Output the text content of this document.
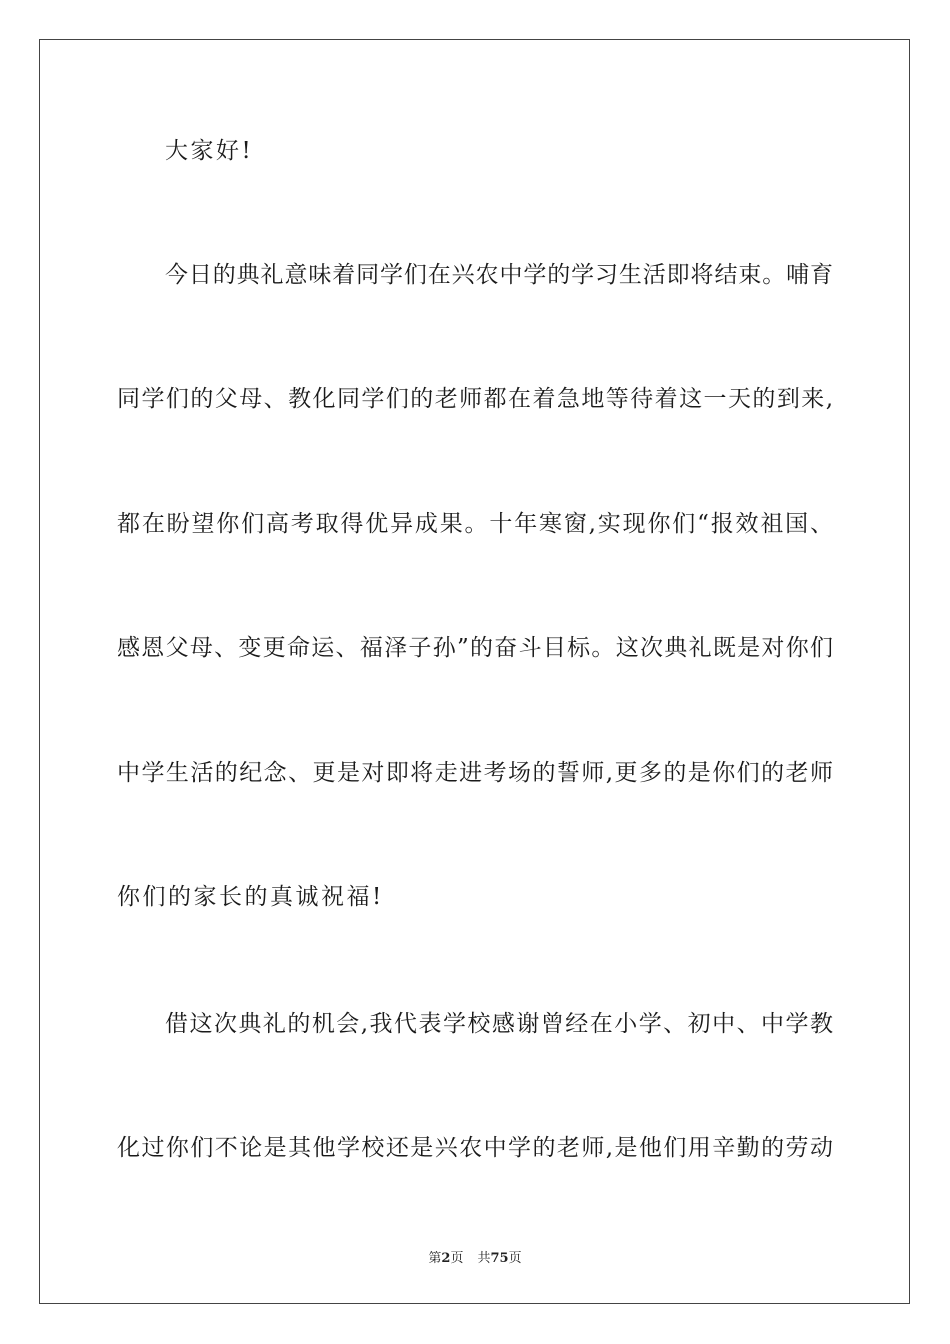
大家好!
今日的典礼意味着同学们在兴农中学的学习生活即将结束。哺育
同学们的父母、教化同学们的老师都在着急地等待着这一天的到来,
都在盼望你们高考取得优异成果。十年寒窗,实现你们“报效祖国、
感恩父母、变更命运、福泽子孙”的奋斗目标。这次典礼既是对你们
中学生活的纪念、更是对即将走进考场的誓师,更多的是你们的老师
你们的家长的真诚祝福!
借这次典礼的机会,我代表学校感谢曾经在小学、初中、中学教
化过你们不论是其他学校还是兴农中学的老师,是他们用辛勤的劳动
第2页 共75页
